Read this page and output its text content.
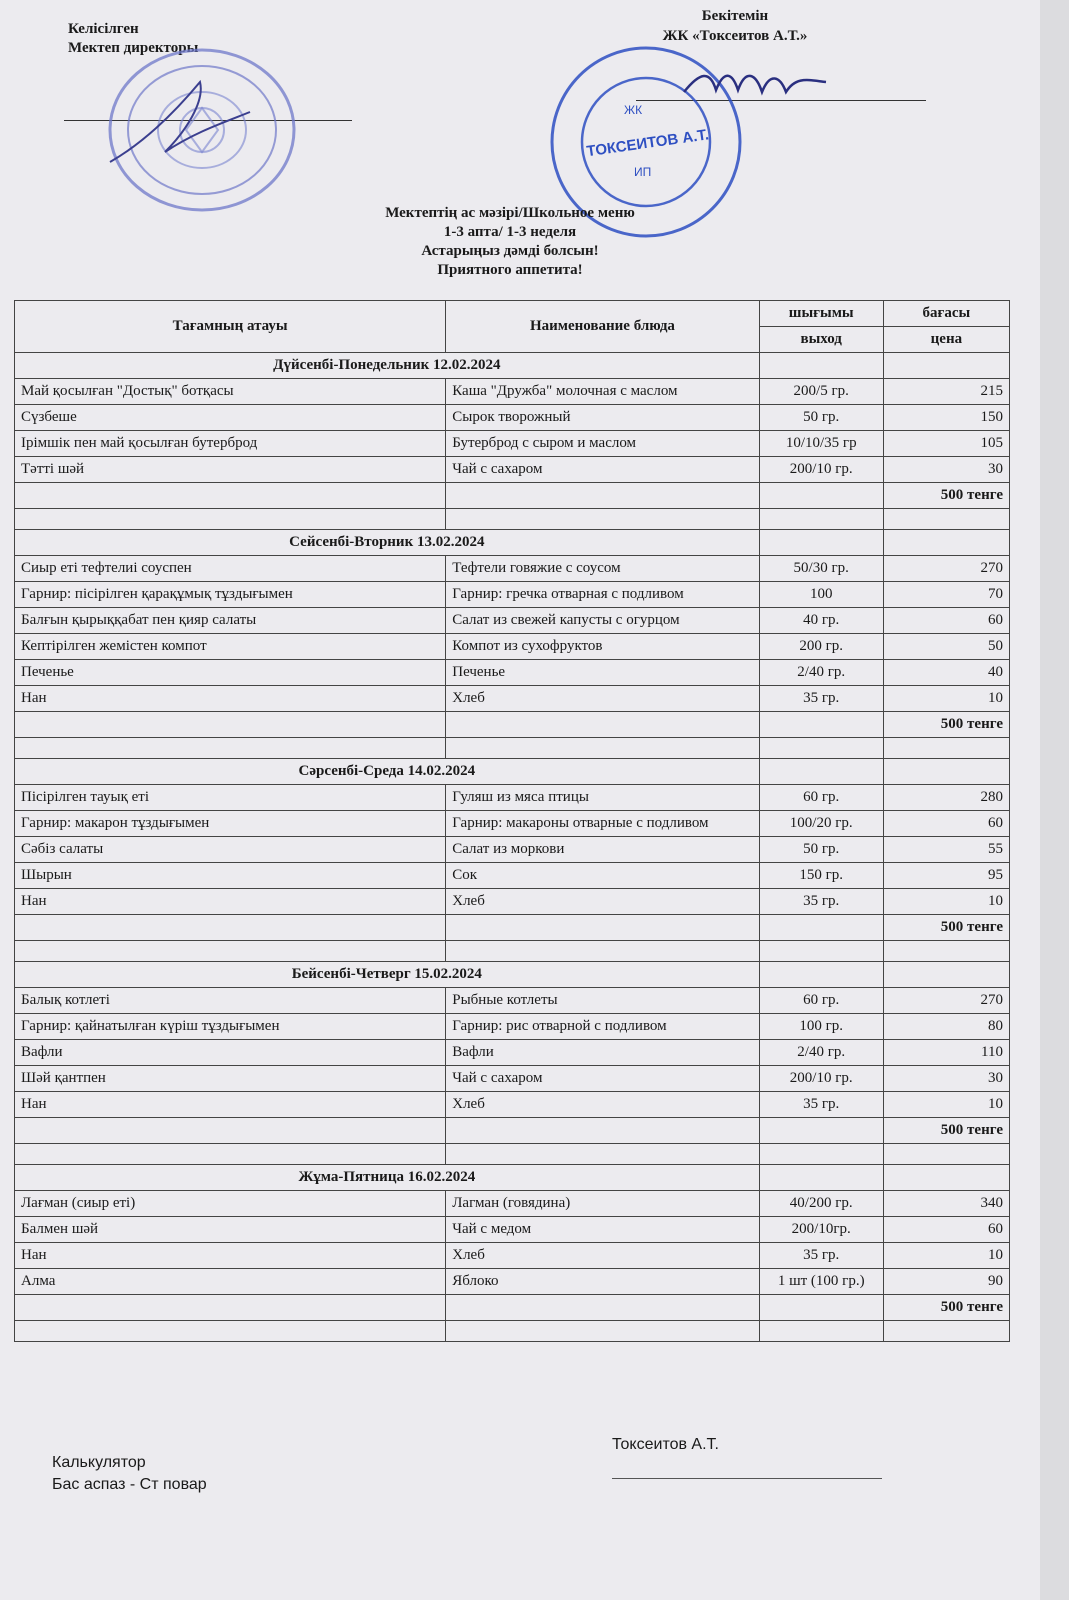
Келісілген
Мектеп директоры
Бекітемін
ЖК «Токсеитов А.Т.»
ЖК
ТОКСЕИТОВ А.Т.
ИП
Мектептің ас мәзірі/Школьное меню
1-3 апта/ 1-3 неделя
Астарыңыз дәмді болсын!
Приятного аппетита!
Тағамның атауы	Наименование блюда	шығымы	бағасы
		выход	цена
Дүйсенбі-Понедельник 12.02.2024			
Май қосылған "Достық" ботқасы	Каша "Дружба" молочная с маслом	200/5 гр.	215
Сүзбеше	Сырок творожный	50 гр.	150
Ірімшік пен май қосылған бутерброд	Бутерброд с сыром и маслом	10/10/35 гр	105
Тәтті шәй	Чай с сахаром	200/10 гр.	30
			500 тенге

Сейсенбі-Вторник 13.02.2024			
Сиыр еті тефтелиі соуспен	Тефтели говяжие с соусом	50/30 гр.	270
Гарнир: пісірілген қарақұмық тұздығымен	Гарнир: гречка отварная с подливом	100	70
Балғын қырыққабат пен қияр салаты	Салат из свежей капусты с огурцом	40 гр.	60
Кептірілген жемістен компот	Компот из сухофруктов	200 гр.	50
Печенье	Печенье	2/40 гр.	40
Нан	Хлеб	35 гр.	10
			500 тенге

Сәрсенбі-Среда 14.02.2024			
Пісірілген тауық еті	Гуляш из мяса птицы	60 гр.	280
Гарнир: макарон тұздығымен	Гарнир: макароны отварные с подливом	100/20 гр.	60
Сәбіз салаты	Салат из моркови	50 гр.	55
Шырын	Сок	150 гр.	95
Нан	Хлеб	35 гр.	10
			500 тенге

Бейсенбі-Четверг 15.02.2024			
Балық котлеті	Рыбные котлеты	60 гр.	270
Гарнир: қайнатылған күріш тұздығымен	Гарнир: рис отварной с подливом	100 гр.	80
Вафли	Вафли	2/40 гр.	110
Шәй қантпен	Чай с сахаром	200/10 гр.	30
Нан	Хлеб	35 гр.	10
			500 тенге

Жұма-Пятница 16.02.2024			
Лағман (сиыр еті)	Лагман (говядина)	40/200 гр.	340
Балмен шәй	Чай с медом	200/10гр.	60
Нан	Хлеб	35 гр.	10
Алма	Яблоко	1 шт (100 гр.)	90
			500 тенге

Калькулятор
Бас аспаз - Ст повар
Токсеитов А.Т.
